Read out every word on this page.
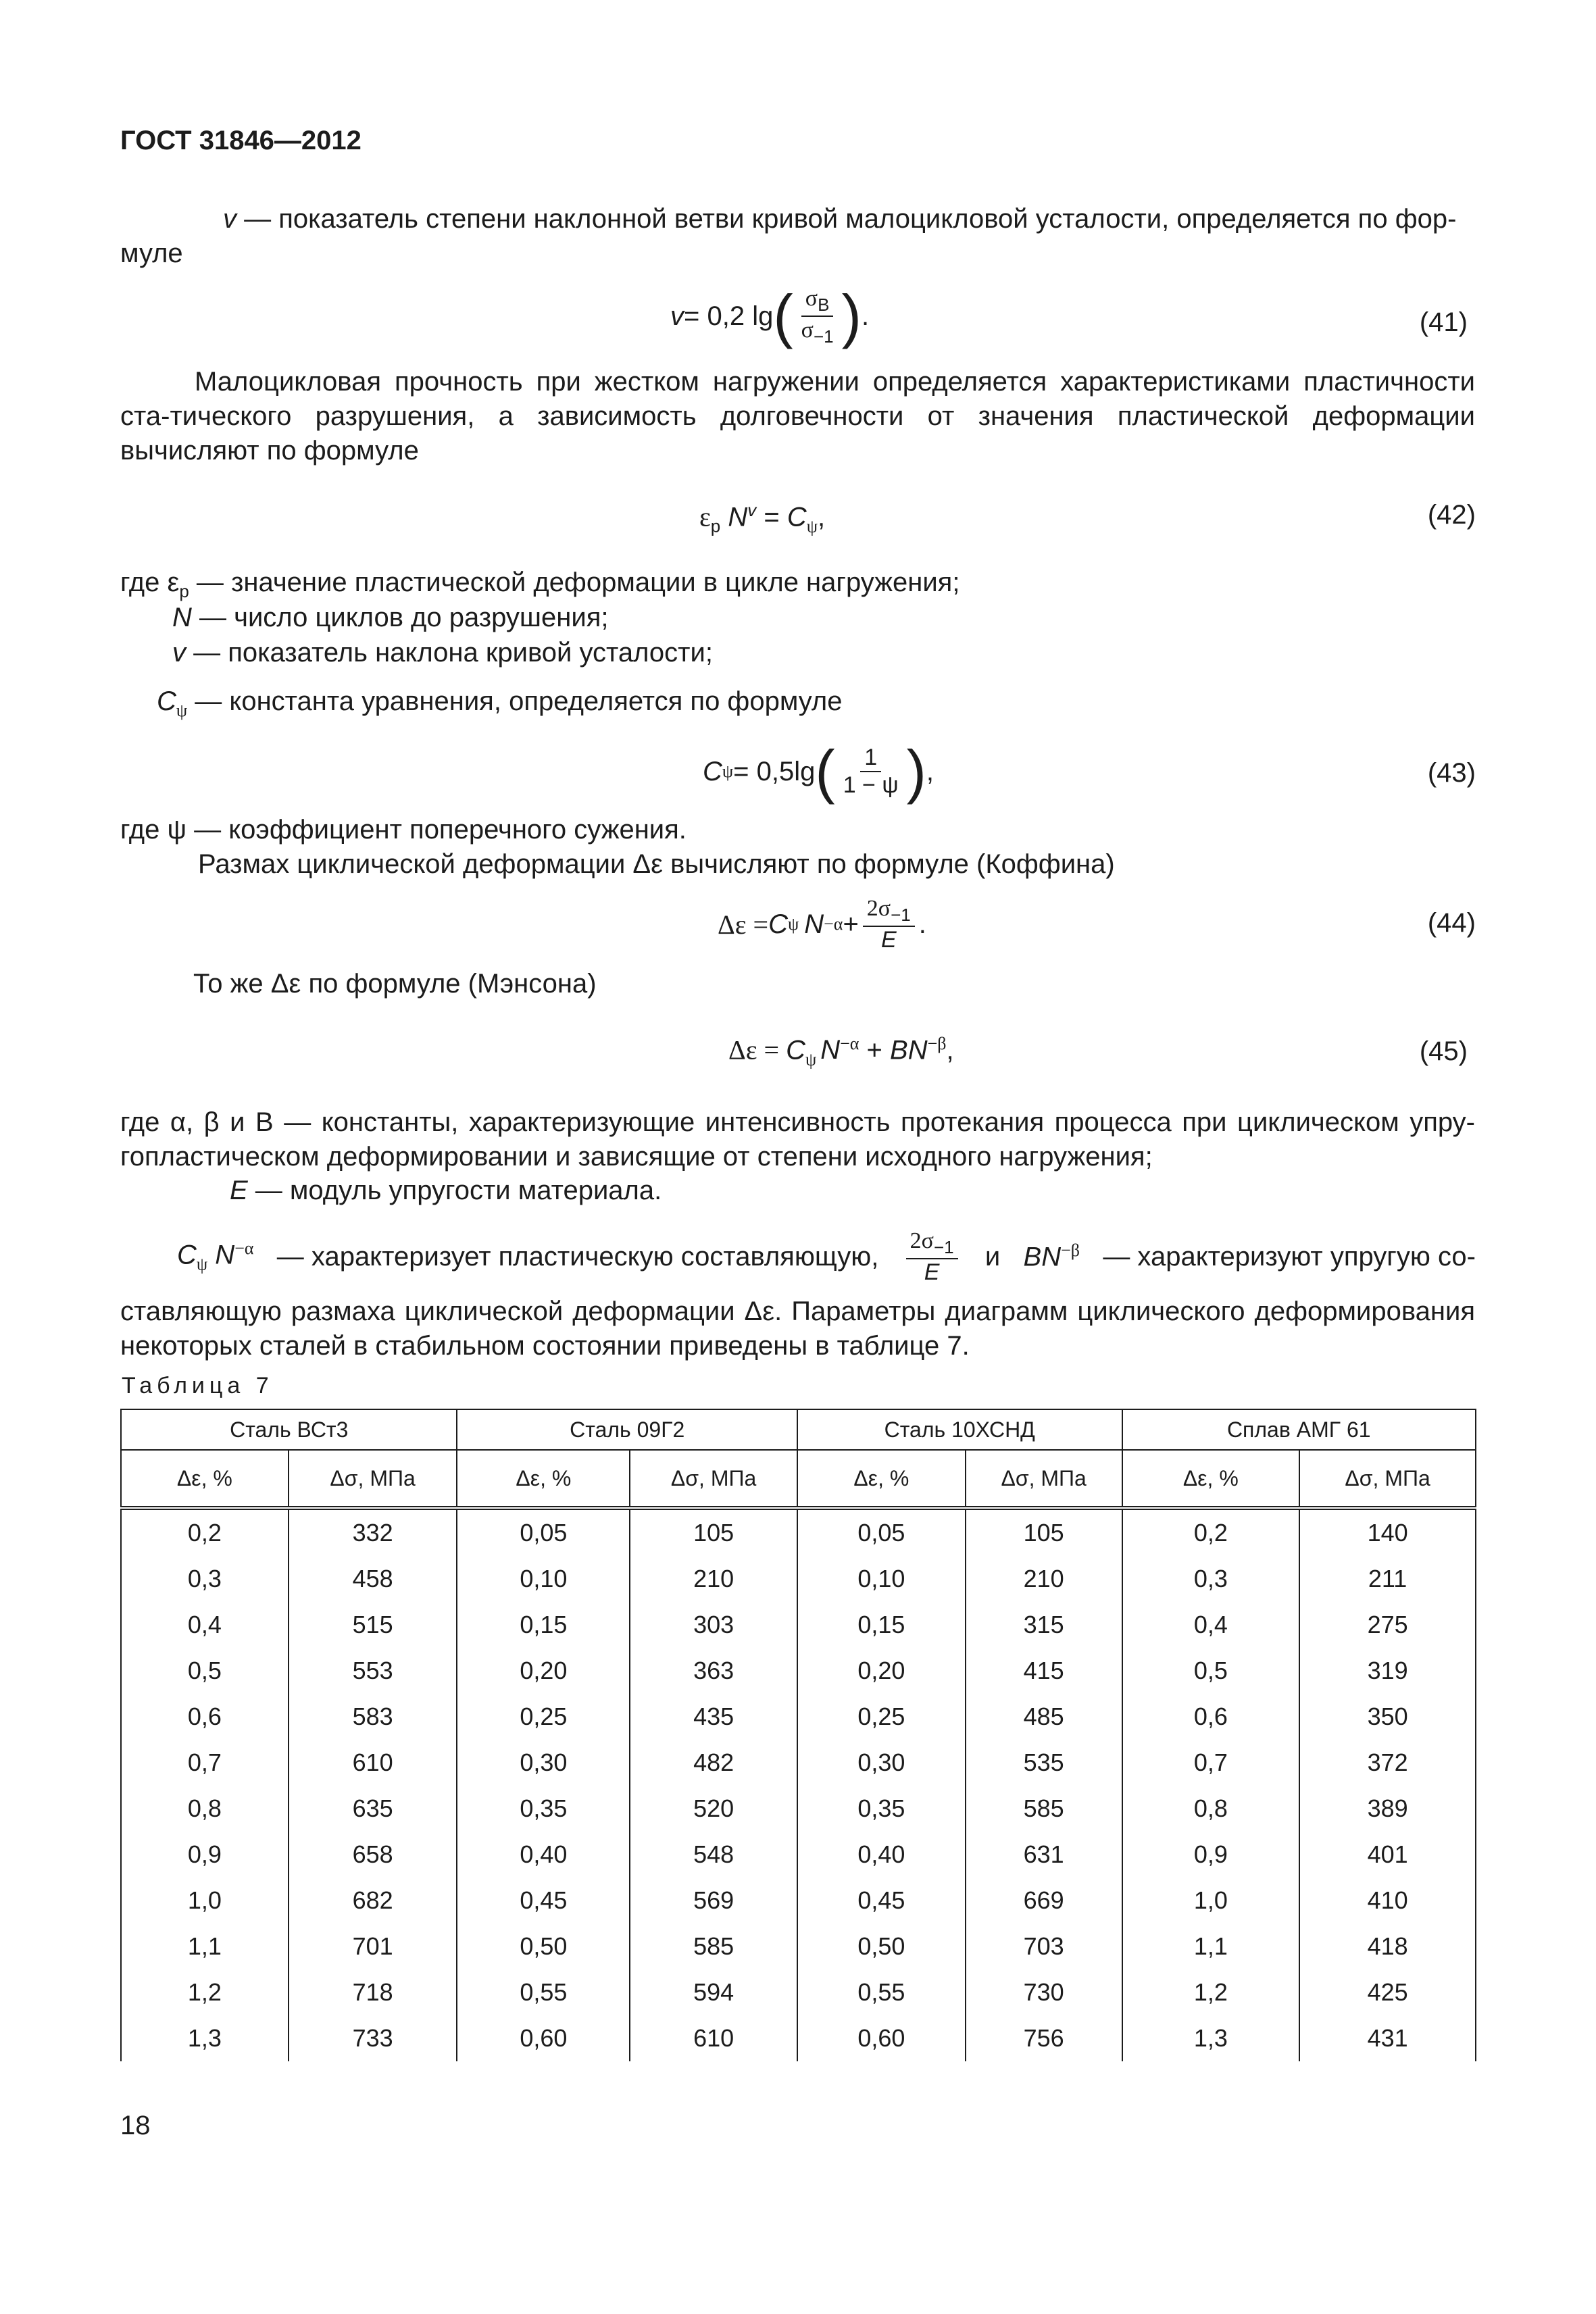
ГОСТ 31846—2012
v — показатель степени наклонной ветви кривой малоцикловой усталости, определяется по фор-
муле
v = 0,2 lg ( $\frac{\sigma_В}{\sigma_{-1}}$ ) .	(41)
Малоцикловая прочность при жестком нагружении определяется характеристиками пластичности ста-тического разрушения, а зависимость долговечности от значения пластической деформации вычисляют по формуле
$\varepsilon_р$ $N^v = C_\psi$,	(42)
где $\varepsilon_р$ — значение пластической деформации в цикле нагружения;
N — число циклов до разрушения;
v — показатель наклона кривой усталости;
$C_\psi$ — константа уравнения, определяется по формуле
C ψ = 0,5lg ( $\frac{1}{1 - \psi}$ ) ,	(43)
где ψ — коэффициент поперечного сужения.
Размах циклической деформации Δε вычисляют по формуле (Коффина)
Δε = C ψ $N -\alpha + \frac{2\sigma_{-1}}{E}$ .	(44)
То же Δε по формуле (Мэнсона)
$\Delta\varepsilon = C_\psi$ $N^{-\alpha} + BN^{-\beta}$,	(45)
где α, β и B — константы, характеризующие интенсивность протекания процесса при циклическом упру-гопластическом деформировании и зависящие от степени исходного нагружения;
E — модуль упругости материала.
$C_\psi$ $N^{-\alpha}$ — характеризует пластическую составляющую, $\frac{2\sigma_{-1}}{E}$ и $BN^{-\beta}$ — характеризуют упругую со-
ставляющую размаха циклической деформации Δε. Параметры диаграмм циклического деформирования некоторых сталей в стабильном состоянии приведены в таблице 7.
Таблица 7
Сталь ВСт3		Сталь 09Г2		Сталь 10ХСНД		Сплав АМГ 61	
Δε, %	Δσ, МПа	Δε, %	Δσ, МПа	Δε, %	Δσ, МПа	Δε, %	Δσ, МПа
0,2	332	0,05	105	0,05	105	0,2	140
0,3	458	0,10	210	0,10	210	0,3	211
0,4	515	0,15	303	0,15	315	0,4	275
0,5	553	0,20	363	0,20	415	0,5	319
0,6	583	0,25	435	0,25	485	0,6	350
0,7	610	0,30	482	0,30	535	0,7	372
0,8	635	0,35	520	0,35	585	0,8	389
0,9	658	0,40	548	0,40	631	0,9	401
1,0	682	0,45	569	0,45	669	1,0	410
1,1	701	0,50	585	0,50	703	1,1	418
1,2	718	0,55	594	0,55	730	1,2	425
1,3	733	0,60	610	0,60	756	1,3	431
18
